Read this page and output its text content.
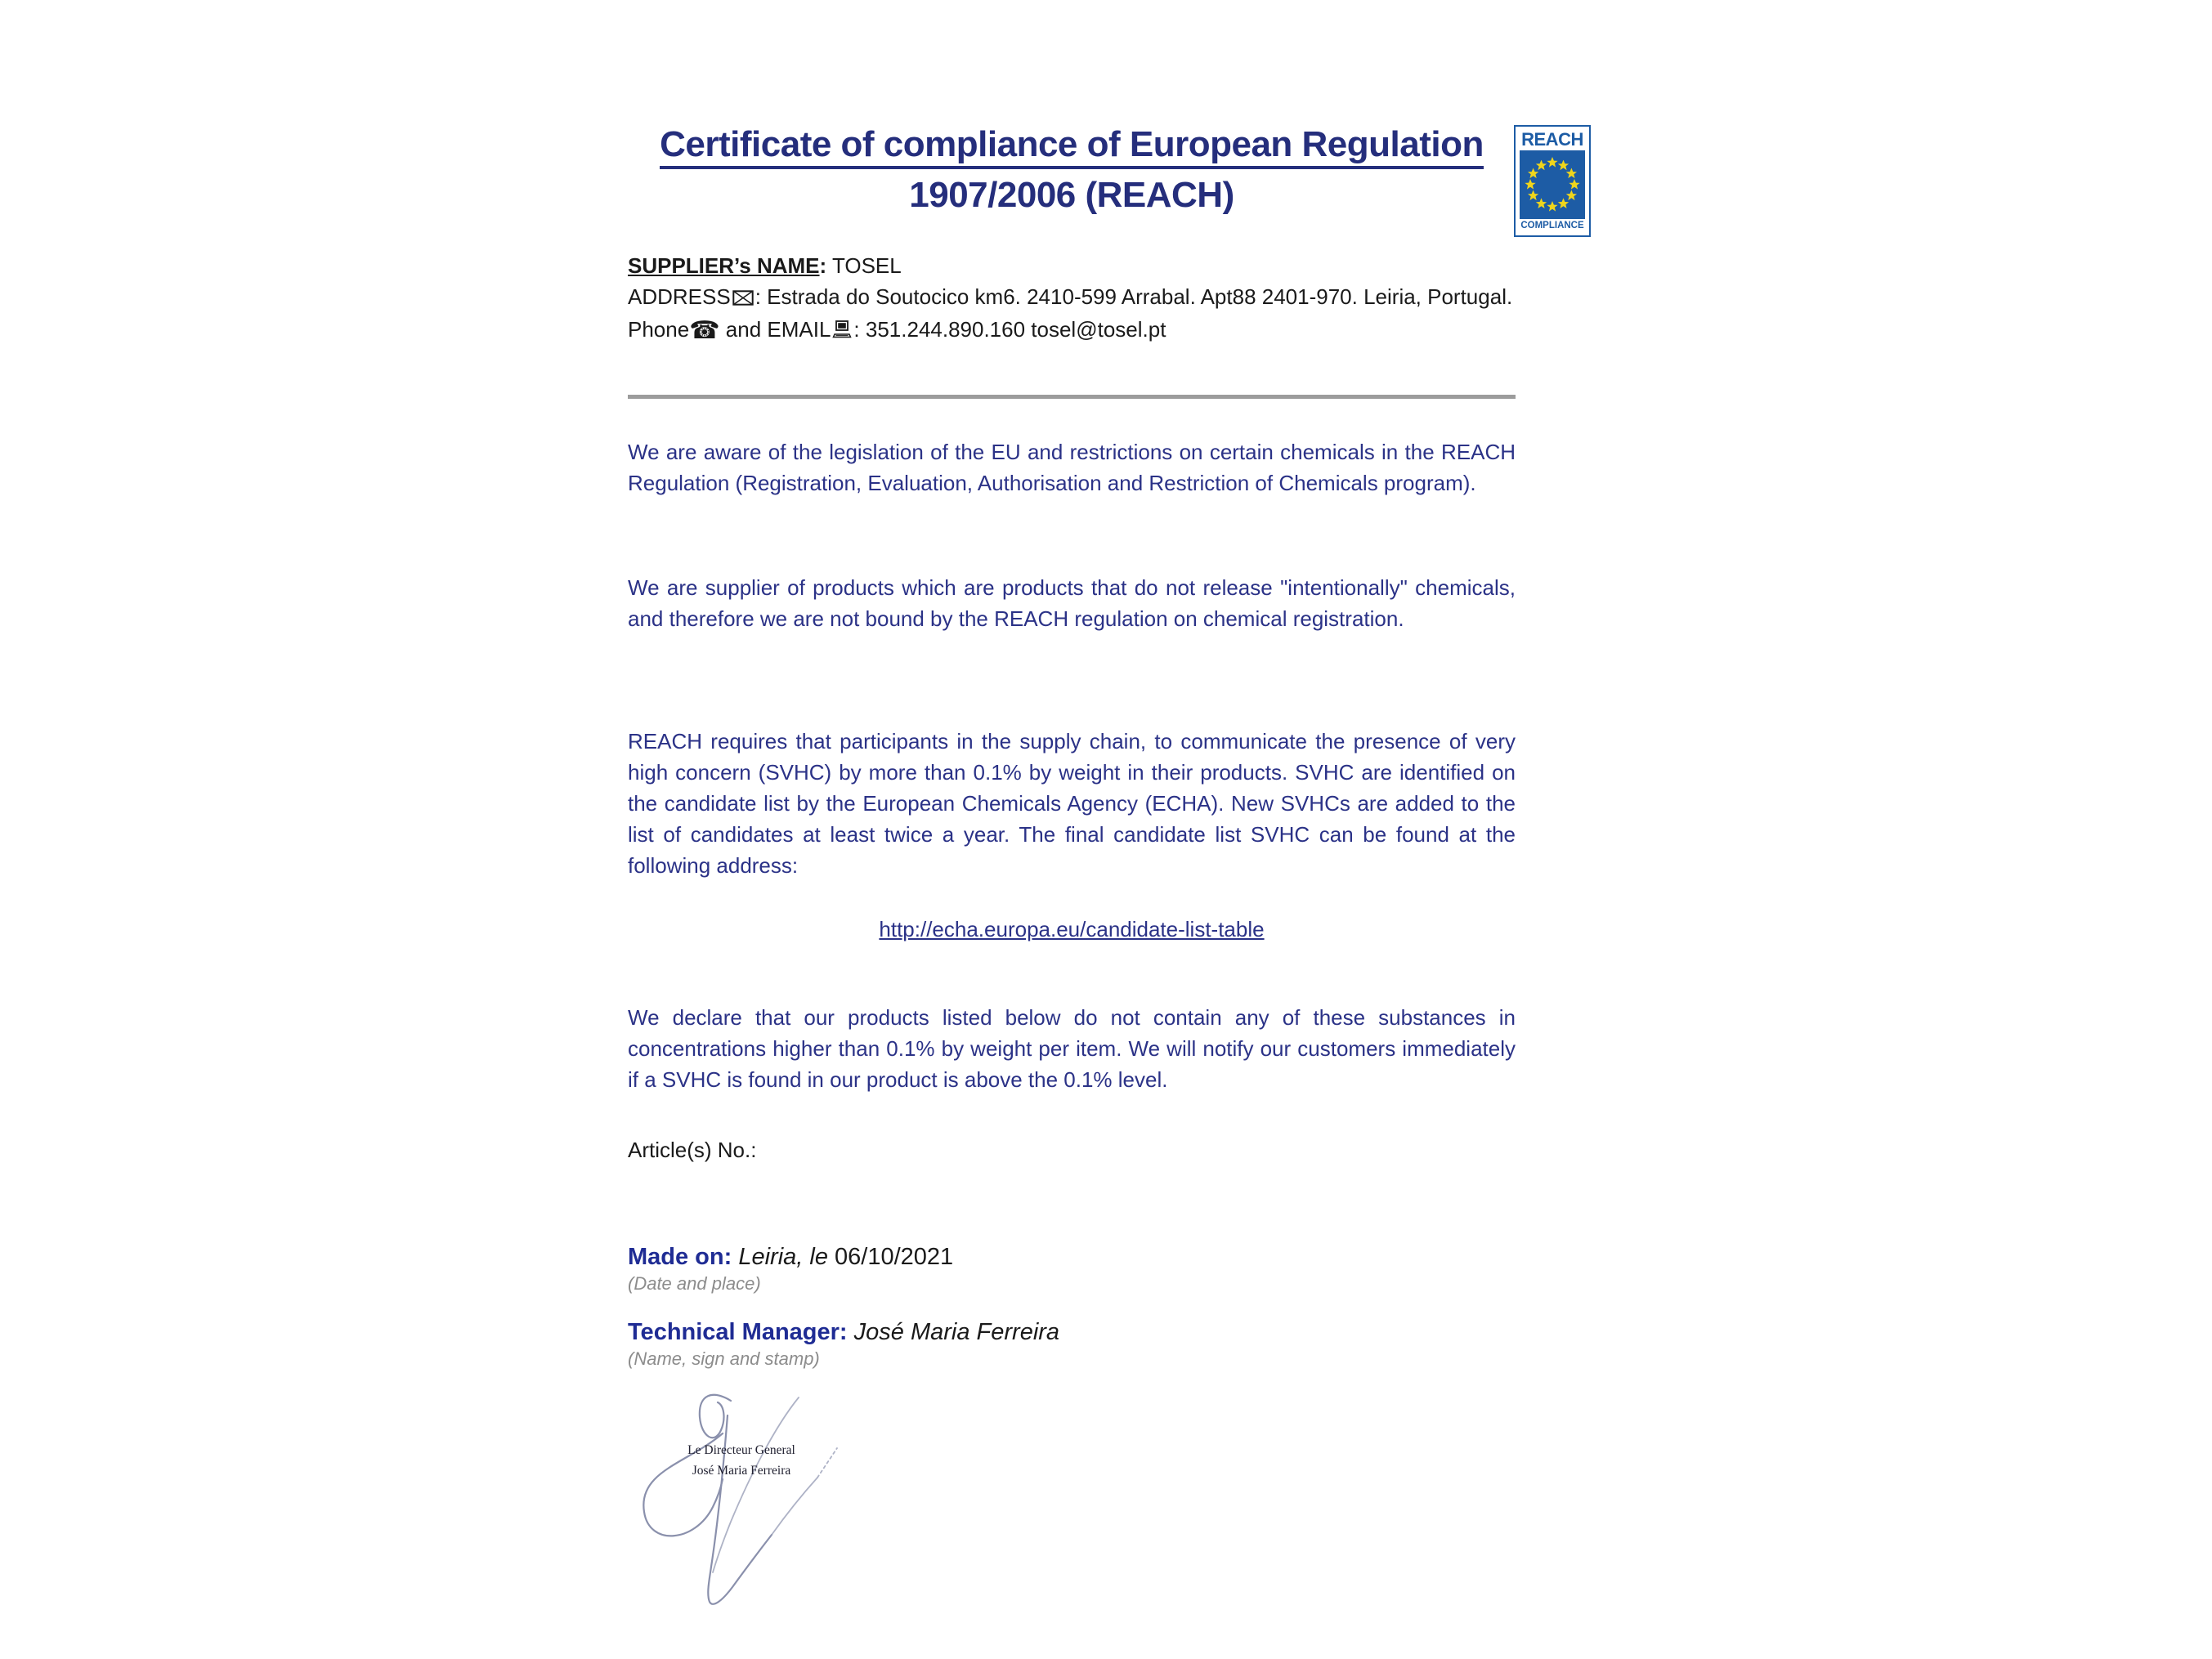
Certificate of compliance of European Regulation
1907/2006 (REACH)
REACH
COMPLIANCE
SUPPLIER’s NAME: TOSEL
ADDRESS : Estrada do Soutocico km6. 2410-599 Arrabal. Apt88 2401-970. Leiria, Portugal.
Phone☎ and EMAIL : 351.244.890.160 tosel@tosel.pt
We are aware of the legislation of the EU and restrictions on certain chemicals in the REACH Regulation (Registration, Evaluation, Authorisation and Restriction of Chemicals program).
We are supplier of products which are products that do not release "intentionally" chemicals, and therefore we are not bound by the REACH regulation on chemical registration.
REACH requires that participants in the supply chain, to communicate the presence of very high concern (SVHC) by more than 0.1% by weight in their products. SVHC are identified on the candidate list by the European Chemicals Agency (ECHA). New SVHCs are added to the list of candidates at least twice a year. The final candidate list SVHC can be found at the following address:
http://echa.europa.eu/candidate-list-table
We declare that our products listed below do not contain any of these substances in concentrations higher than 0.1% by weight per item. We will notify our customers immediately if a SVHC is found in our product is above the 0.1% level.
Article(s) No.:
Made on: Leiria, le 06/10/2021
(Date and place)
Technical Manager: José Maria Ferreira
(Name, sign and stamp)
Le Directeur General
José Maria Ferreira
